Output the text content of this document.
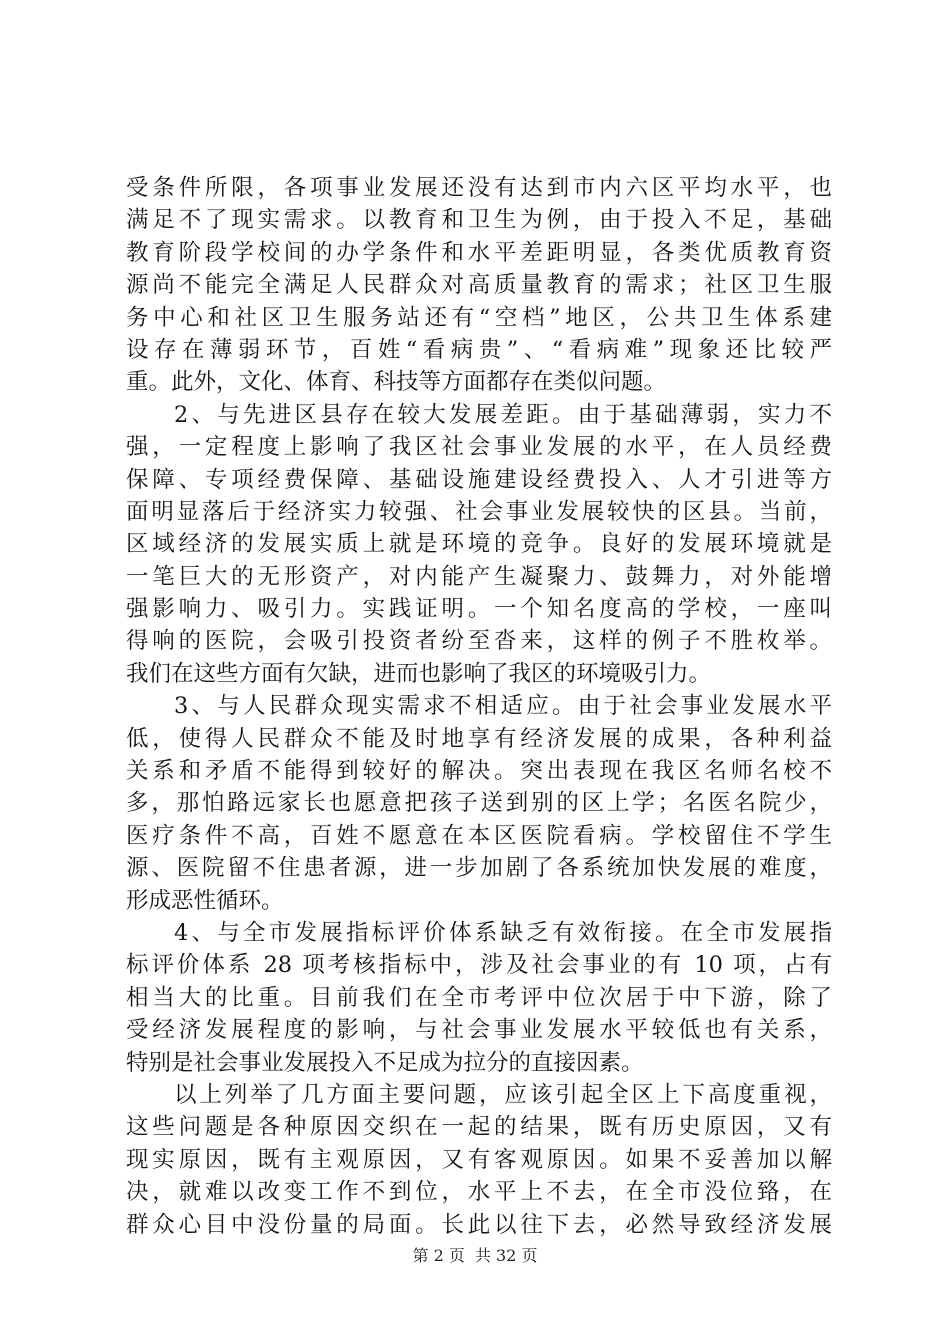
受条件所限，各项事业发展还没有达到市内六区平均水平，也
满足不了现实需求。以教育和卫生为例，由于投入不足，基础
教育阶段学校间的办学条件和水平差距明显，各类优质教育资
源尚不能完全满足人民群众对高质量教育的需求；社区卫生服
务中心和社区卫生服务站还有“空档”地区，公共卫生体系建
设存在薄弱环节，百姓“看病贵”、“看病难”现象还比较严
重。此外，文化、体育、科技等方面都存在类似问题。
2、与先进区县存在较大发展差距。由于基础薄弱，实力不
强，一定程度上影响了我区社会事业发展的水平，在人员经费
保障、专项经费保障、基础设施建设经费投入、人才引进等方
面明显落后于经济实力较强、社会事业发展较快的区县。当前，
区域经济的发展实质上就是环境的竞争。良好的发展环境就是
一笔巨大的无形资产，对内能产生凝聚力、鼓舞力，对外能增
强影响力、吸引力。实践证明。一个知名度高的学校，一座叫
得响的医院，会吸引投资者纷至沓来，这样的例子不胜枚举。
我们在这些方面有欠缺，进而也影响了我区的环境吸引力。
3、与人民群众现实需求不相适应。由于社会事业发展水平
低，使得人民群众不能及时地享有经济发展的成果，各种利益
关系和矛盾不能得到较好的解决。突出表现在我区名师名校不
多，那怕路远家长也愿意把孩子送到别的区上学；名医名院少，
医疗条件不高，百姓不愿意在本区医院看病。学校留住不学生
源、医院留不住患者源，进一步加剧了各系统加快发展的难度，
形成恶性循环。
4、与全市发展指标评价体系缺乏有效衔接。在全市发展指
标评价体系 28 项考核指标中，涉及社会事业的有 10 项，占有
相当大的比重。目前我们在全市考评中位次居于中下游，除了
受经济发展程度的影响，与社会事业发展水平较低也有关系，
特别是社会事业发展投入不足成为拉分的直接因素。
以上列举了几方面主要问题，应该引起全区上下高度重视，
这些问题是各种原因交织在一起的结果，既有历史原因，又有
现实原因，既有主观原因，又有客观原因。如果不妥善加以解
决，就难以改变工作不到位，水平上不去，在全市没位臵，在
群众心目中没份量的局面。长此以往下去，必然导致经济发展
第 2 页 共 32 页
